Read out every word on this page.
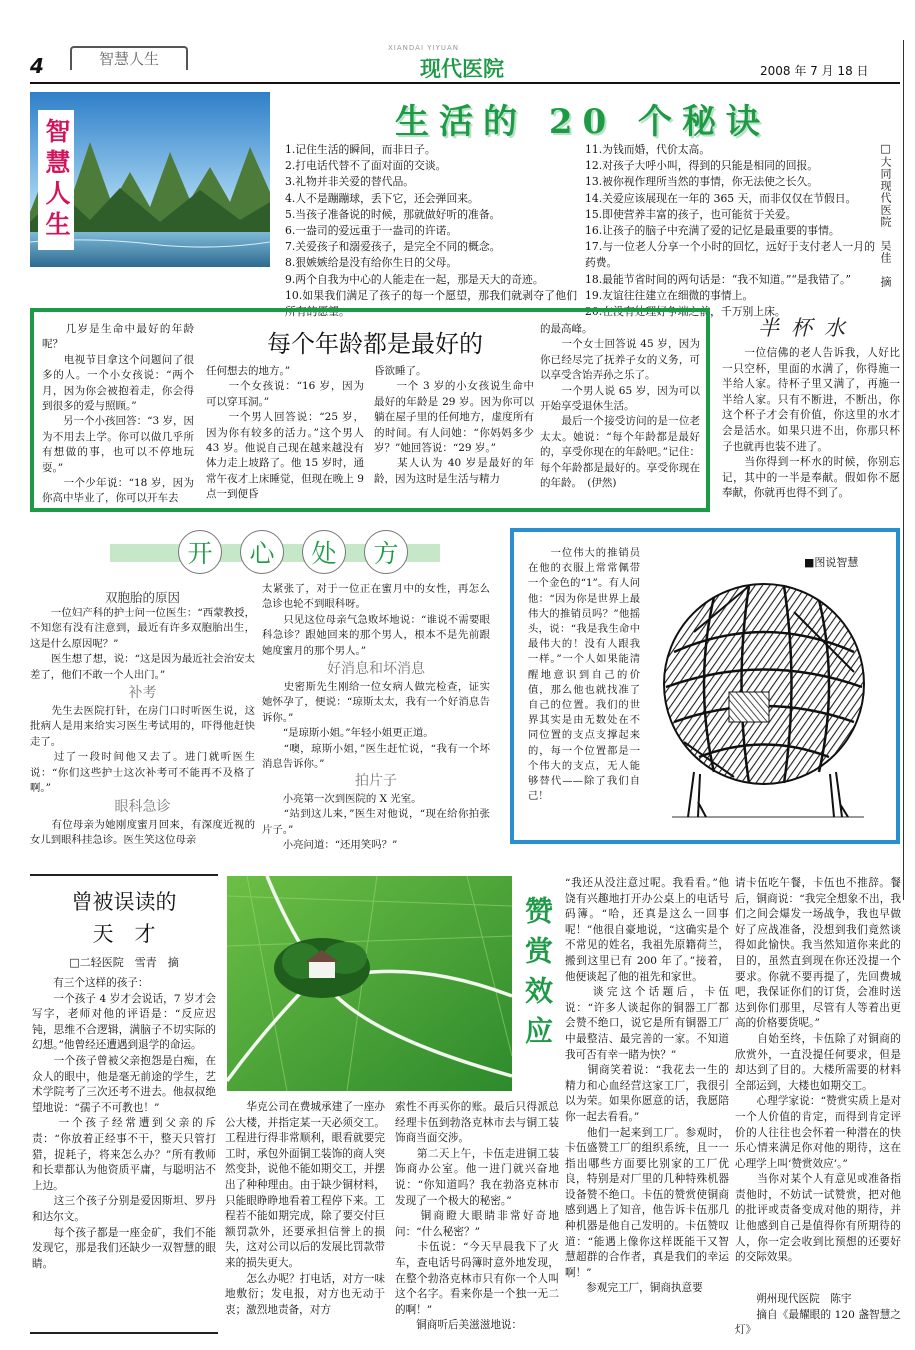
4	智慧人生
XIANDAI YIYUAN
现代医院	2008 年 7 月 18 日
智慧人生	生活的 20 个秘诀
1.记住生活的瞬间，而非日子。
2.打电话代替不了面对面的交谈。
3.礼物并非关爱的替代品。
4.人不是蹦蹦球，丢下它，还会弹回来。
5.当孩子准备说的时候，那就做好听的准备。
6.一盎司的爱远重于一盎司的许诺。
7.关爱孩子和溺爱孩子，是完全不同的概念。
8.狠嫉嫉给是没有给你生日的父母。
9.两个自我为中心的人能走在一起，那是天大的奇迹。
10.如果我们满足了孩子的每一个愿望，那我们就剥夺了他们所有的愿望。
11.为钱而婚，代价太高。
12.对孩子大呼小叫，得到的只能是相同的回报。
13.被你视作理所当然的事情，你无法使之长久。
14.关爱应该展现在一年的 365 天，而非仅仅在节假日。
15.即使营养丰富的孩子，也可能贫于关爱。
16.让孩子的脑子中充满了爱的记忆是最重要的事情。
17.与一位老人分享一个小时的回忆，远好于支付老人一月的药费。
18.最能节省时间的两句话是：“我不知道。”“是我错了。”
19.友谊往往建立在细微的事情上。
20.在没有处理好争端之前，千万别上床。
□大同现代医院　吴佳　摘
每个年龄都是最好的
　　几岁是生命中最好的年龄呢？
　　电视节目拿这个问题问了很多的人。一个小女孩说：“两个月，因为你会被抱着走，你会得到很多的爱与照顾。”
　　另一个小孩回答：“3 岁，因为不用去上学。你可以做几乎所有想做的事，也可以不停地玩耍。”
　　一个少年说：“18 岁，因为你高中毕业了，你可以开车去
任何想去的地方。”
　　一个女孩说：“16 岁，因为可以穿耳洞。”
　　一个男人回答说：“25 岁，因为你有较多的活力。”这个男人 43 岁。他说自己现在越来越没有体力走上坡路了。他 15 岁时，通常午夜才上床睡觉，但现在晚上 9 点一到便昏
昏欲睡了。
　　一个 3 岁的小女孩说生命中最好的年龄是 29 岁。因为你可以躺在屋子里的任何地方，虚度所有的时间。有人问她：“你妈妈多少岁？”她回答说：“29 岁。”
　　某人认为 40 岁是最好的年龄，因为这时是生活与精力
的最高峰。
　　一个女士回答说 45 岁，因为你已经尽完了抚养子女的义务，可以享受含饴弄孙之乐了。
　　一个男人说 65 岁，因为可以开始享受退休生活。
　　最后一个接受访问的是一位老太太。她说：“每个年龄都是最好的，享受你现在的年龄吧。”记住：每个年龄都是最好的。享受你现在的年龄。　(伊然)
半杯水
　　一位信佛的老人告诉我，人好比一只空杯，里面的水满了，你得施一半给人家。待杯子里又满了，再施一半给人家。只有不断进，不断出，你这个杯子才会有价值，你这里的水才会是活水。如果只进不出，你那只杯子也就再也装不进了。
　　当你得到一杯水的时候，你别忘记，其中的一半是奉献。假如你不愿奉献，你就再也得不到了。
开	心	处	方
双胞胎的原因
　　一位妇产科的护士问一位医生：“西蒙教授，不知您有没有注意到，最近有许多双胞胎出生，这是什么原因呢？”
　　医生想了想，说：“这是因为最近社会治安太差了，他们不敢一个人出门。”
补考
　　先生去医院打针，在房门口时听医生说，这批病人是用来给实习医生考试用的，吓得他赶快走了。
　　过了一段时间他又去了。进门就听医生说：“你们这些护士这次补考可不能再不及格了啊。”
眼科急诊
　　有位母亲为她刚度蜜月回来，有深度近视的女儿到眼科挂急诊。医生笑这位母亲
太紧张了，对于一位正在蜜月中的女性，再怎么急诊也轮不到眼科呀。
　　只见这位母亲气急败坏地说：“谁说不需要眼科急诊？跟她回来的那个男人，根本不是先前跟她度蜜月的那个男人。”
好消息和坏消息
　　史密斯先生刚给一位女病人做完检查，证实她怀孕了，便说：“琼斯太太，我有一个好消息告诉你。”
　　“是琼斯小姐。”年轻小姐更正道。
　　“噢，琼斯小姐，”医生赶忙说，“我有一个坏消息告诉你。”
拍片子
　　小亮第一次到医院的 X 光室。
　　“站到这儿来，”医生对他说，“现在给你拍张片子。”
　　小亮问道：“还用笑吗？”
■图说智慧
　　一位伟大的推销员在他的衣服上常常佩带一个金色的“1”。有人问他：“因为你是世界上最伟大的推销员吗？”他摇头，说：“我是我生命中最伟大的！没有人跟我一样。”一个人如果能清醒地意识到自己的价值，那么他也就找准了自己的位置。我们的世界其实是由无数处在不同位置的支点支撑起来的，每一个位置都是一个伟大的支点，无人能够替代——除了我们自己！
曾被误读的
天　才
□二轻医院　雪青　摘
　　有三个这样的孩子：
　　一个孩子 4 岁才会说话，7 岁才会写字，老师对他的评语是：“反应迟钝，思维不合逻辑，满脑子不切实际的幻想。”他曾经还遭遇到退学的命运。
　　一个孩子曾被父亲抱怨是白痴，在众人的眼中，他是毫无前途的学生，艺术学院考了三次还考不进去。他叔叔绝望地说：“孺子不可教也！”
　　一个孩子经常遭到父亲的斥责：“你放着正经事不干，整天只管打猎，捉耗子，将来怎么办？”所有教师和长辈都认为他资质平庸，与聪明沾不上边。
　　这三个孩子分别是爱因斯坦、罗丹和达尔文。
　　每个孩子都是一座金矿，我们不能发现它，那是我们还缺少一双智慧的眼睛。
赞赏效应
　　华克公司在费城承建了一座办公大楼，并指定某一天必须交工。工程进行得非常顺利，眼看就要完工时，承包外面铜工装饰的商人突然变卦，说他不能如期交工，并摆出了种种理由。由于缺少铜材料，只能眼睁睁地看着工程停下来。工程若不能如期完成，除了要交付巨额罚款外，还要承担信誉上的损失，这对公司以后的发展比罚款带来的损失更大。
　　怎么办呢？打电话，对方一味地敷衍；发电报，对方也无动于衷；激烈地责备，对方
索性不再买你的账。最后只得派总经理卡伍到勃洛克林市去与铜工装饰商当面交涉。
　　第二天上午，卡伍走进铜工装饰商办公室。他一进门就兴奋地说：“你知道吗？我在勃洛克林市发现了一个极大的秘密。”
　　铜商瞪大眼睛非常好奇地问：“什么秘密？”
　　卡伍说：“今天早晨我下了火车，查电话号码簿时意外地发现，在整个勃洛克林市只有你一个人叫这个名字。看来你是一个独一无二的啊！”
　　铜商听后美滋滋地说：
“我还从没注意过呢。我看看。”他饶有兴趣地打开办公桌上的电话号码簿。“哈，还真是这么一回事呢！”他很自豪地说，“这确实是个不常见的姓名，我祖先原籍荷兰，搬到这里已有 200 年了。”接着，他便谈起了他的祖先和家世。
　　谈完这个话题后，卡伍说：“许多人谈起你的铜器工厂都会赞不绝口，说它是所有铜器工厂中最整洁、最完善的一家。不知道我可否有幸一睹为快？”
　　铜商笑着说：“我花去一生的精力和心血经营这家工厂，我很引以为荣。如果你愿意的话，我愿陪你一起去看看。”
　　他们一起来到工厂。参观时，卡伍盛赞工厂的组织系统，且一一指出哪些方面要比别家的工厂优良，特别是对厂里的几种特殊机器设备赞不绝口。卡伍的赞赏使铜商感到遇上了知音，他告诉卡伍那几种机器是他自己发明的。卡伍赞叹道：“能遇上像你这样既能干又智慧超群的合作者，真是我们的幸运啊！”
　　参观完工厂，铜商执意要
请卡伍吃午餐，卡伍也不推辞。餐后，铜商说：“我完全想象不出，我们之间会爆发一场战争，我也早做好了应战准备，没想到我们竟然谈得如此愉快。我当然知道你来此的目的，虽然直到现在你还没提一个要求。你就不要再提了，先回费城吧，我保证你们的订货，会准时送达到你们那里，尽管有人等着出更高的价格要货呢。”
　　自始至终，卡伍除了对铜商的欣赏外，一直没提任何要求，但是却达到了目的。大楼所需要的材料全部运到，大楼也如期交工。
　　心理学家说：“赞赏实质上是对一个人价值的肯定，而得到肯定评价的人往往也会怀着一种潜在的快乐心情来满足你对他的期待，这在心理学上叫‘赞赏效应’。”
　　当你对某个人有意见或准备指责他时，不妨试一试赞赏，把对他的批评或责备变成对他的期待，并让他感到自己是值得你有所期待的人，你一定会收到比预想的还要好的交际效果。
　　朔州现代医院　陈宇
　　摘自《最耀眼的 120 盏智慧之灯》
